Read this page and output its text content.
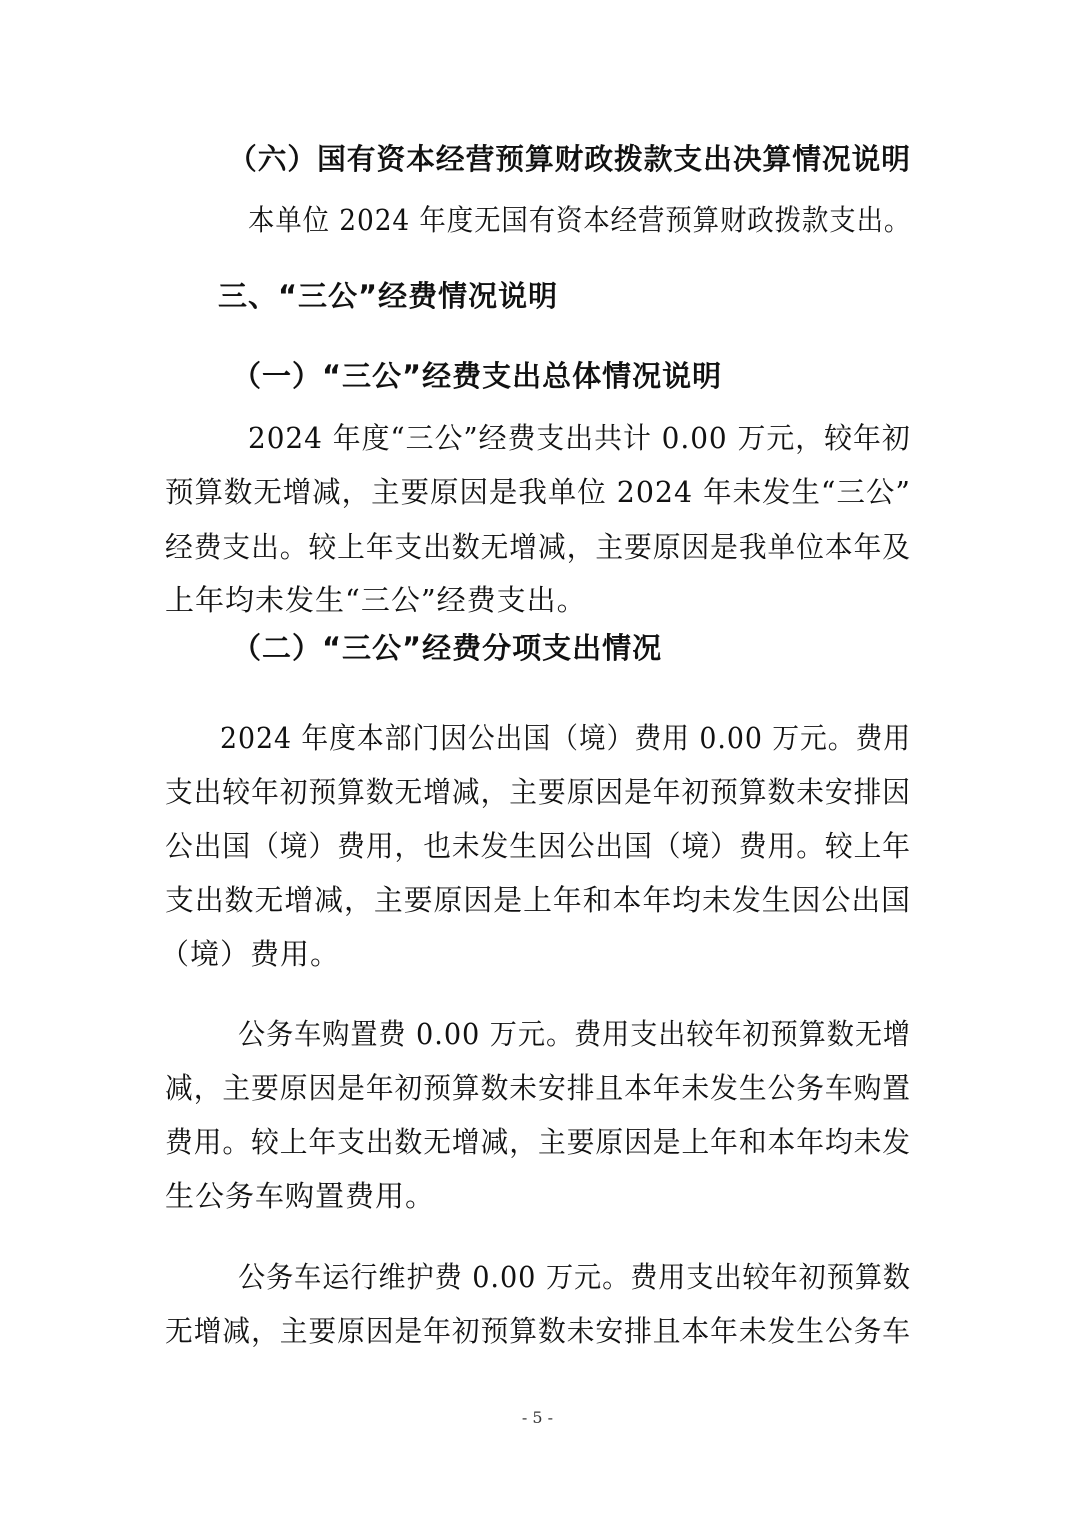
（六）国有资本经营预算财政拨款支出决算情况说明
本单位 2024 年度无国有资本经营预算财政拨款支出。
三、“三公”经费情况说明
（一）“三公”经费支出总体情况说明
2024 年度“三公”经费支出共计 0.00 万元，较年初
预算数无增减，主要原因是我单位 2024 年未发生“三公”
经费支出。较上年支出数无增减，主要原因是我单位本年及
上年均未发生“三公”经费支出。
（二）“三公”经费分项支出情况
2024 年度本部门因公出国（境）费用 0.00 万元。费用
支出较年初预算数无增减，主要原因是年初预算数未安排因
公出国（境）费用，也未发生因公出国（境）费用。较上年
支出数无增减，主要原因是上年和本年均未发生因公出国
（境）费用。
公务车购置费 0.00 万元。费用支出较年初预算数无增
减，主要原因是年初预算数未安排且本年未发生公务车购置
费用。较上年支出数无增减，主要原因是上年和本年均未发
生公务车购置费用。
公务车运行维护费 0.00 万元。费用支出较年初预算数
无增减，主要原因是年初预算数未安排且本年未发生公务车
- 5 -
